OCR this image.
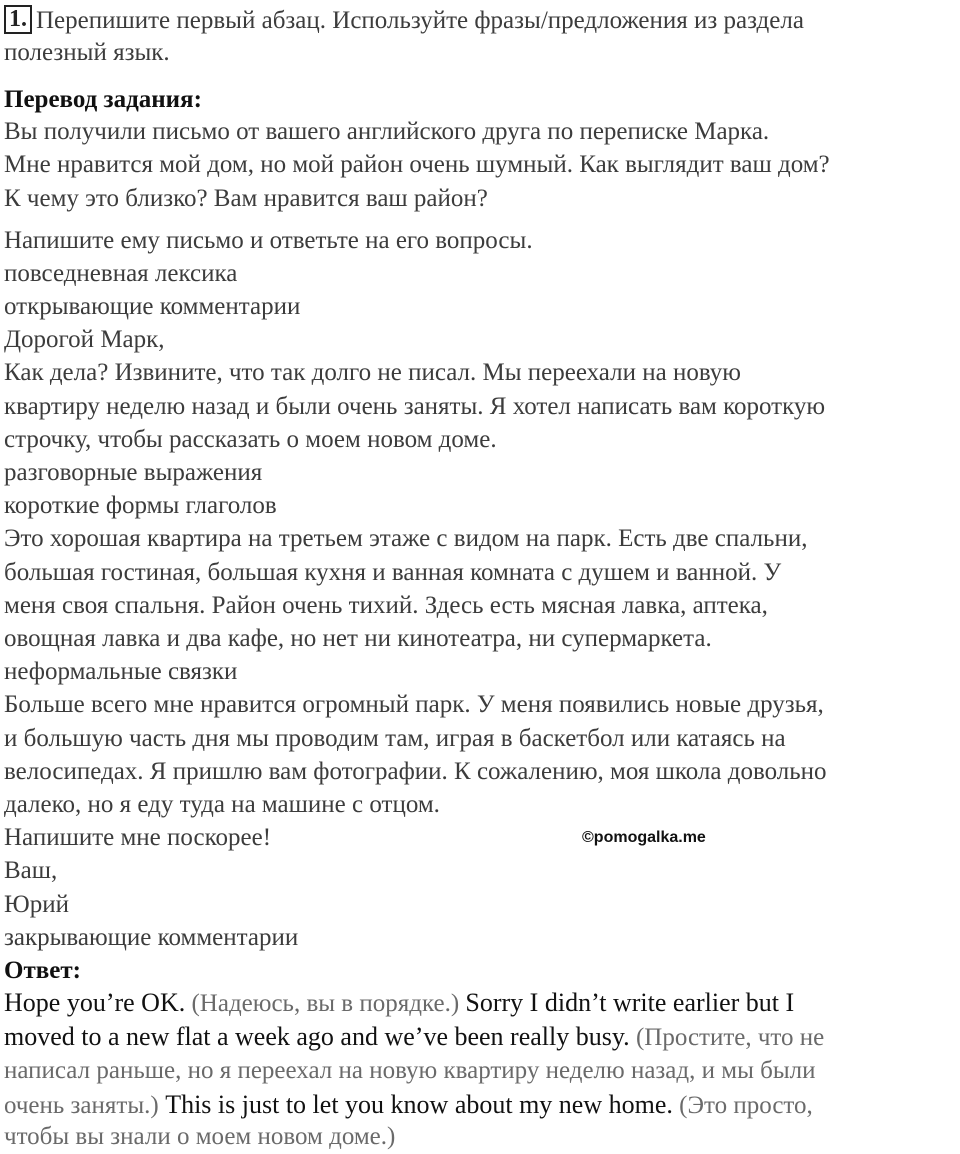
1. Перепишите первый абзац. Используйте фразы/предложения из раздела
полезный язык.
Перевод задания:
Вы получили письмо от вашего английского друга по переписке Марка.
Мне нравится мой дом, но мой район очень шумный. Как выглядит ваш дом?
К чему это близко? Вам нравится ваш район?
Напишите ему письмо и ответьте на его вопросы.
повседневная лексика
открывающие комментарии
Дорогой Марк,
Как дела? Извините, что так долго не писал. Мы переехали на новую
квартиру неделю назад и были очень заняты. Я хотел написать вам короткую
строчку, чтобы рассказать о моем новом доме.
разговорные выражения
короткие формы глаголов
Это хорошая квартира на третьем этаже с видом на парк. Есть две спальни,
большая гостиная, большая кухня и ванная комната с душем и ванной. У
меня своя спальня. Район очень тихий. Здесь есть мясная лавка, аптека,
овощная лавка и два кафе, но нет ни кинотеатра, ни супермаркета.
неформальные связки
Больше всего мне нравится огромный парк. У меня появились новые друзья,
и большую часть дня мы проводим там, играя в баскетбол или катаясь на
велосипедах. Я пришлю вам фотографии. К сожалению, моя школа довольно
далеко, но я еду туда на машине с отцом.
Напишите мне поскорее!
Ваш,
Юрий
закрывающие комментарии
©pomogalka.me
Ответ:
Hope you’re OK. (Надеюсь, вы в порядке.) Sorry I didn’t write earlier but I
moved to a new flat a week ago and we’ve been really busy. (Простите, что не
написал раньше, но я переехал на новую квартиру неделю назад, и мы были
очень заняты.) This is just to let you know about my new home. (Это просто,
чтобы вы знали о моем новом доме.)
